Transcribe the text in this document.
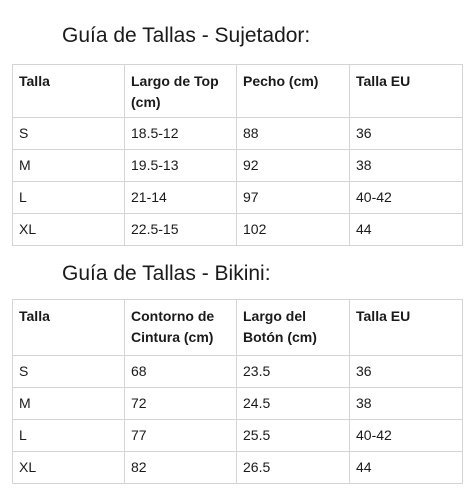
Guía de Tallas - Sujetador:
Talla	Largo de Top (cm)	Pecho (cm)	Talla EU
S	18.5-12	88	36
M	19.5-13	92	38
L	21-14	97	40-42
XL	22.5-15	102	44
Guía de Tallas - Bikini:
Talla	Contorno de Cintura (cm)	Largo del Botón (cm)	Talla EU
S	68	23.5	36
M	72	24.5	38
L	77	25.5	40-42
XL	82	26.5	44
